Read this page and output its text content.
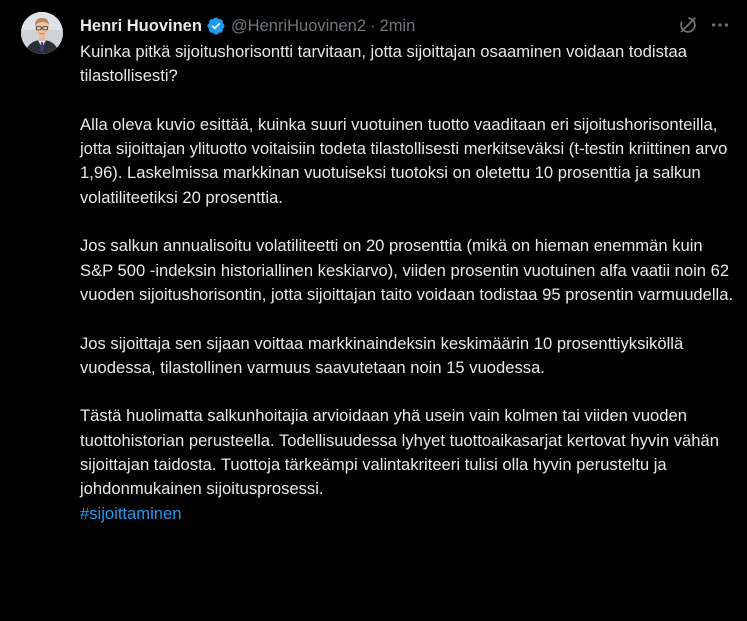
Henri Huovinen @HenriHuovinen2 · 2min
Kuinka pitkä sijoitushorisontti tarvitaan, jotta sijoittajan osaaminen voidaan todistaa tilastollisesti?
Alla oleva kuvio esittää, kuinka suuri vuotuinen tuotto vaaditaan eri sijoitushorisonteilla, jotta sijoittajan ylituotto voitaisiin todeta tilastollisesti merkitseväksi (t-testin kriittinen arvo 1,96). Laskelmissa markkinan vuotuiseksi tuotoksi on oletettu 10 prosenttia ja salkun volatiliteetiksi 20 prosenttia.
Jos salkun annualisoitu volatiliteetti on 20 prosenttia (mikä on hieman enemmän kuin S&P 500 -indeksin historiallinen keskiarvo), viiden prosentin vuotuinen alfa vaatii noin 62 vuoden sijoitushorisontin, jotta sijoittajan taito voidaan todistaa 95 prosentin varmuudella.
Jos sijoittaja sen sijaan voittaa markkinaindeksin keskimäärin 10 prosenttiyksiköllä vuodessa, tilastollinen varmuus saavutetaan noin 15 vuodessa.
Tästä huolimatta salkunhoitajia arvioidaan yhä usein vain kolmen tai viiden vuoden tuottohistorian perusteella. Todellisuudessa lyhyet tuottoaikasarjat kertovat hyvin vähän sijoittajan taidosta. Tuottoja tärkeämpi valintakriteeri tulisi olla hyvin perusteltu ja johdonmukainen sijoitusprosessi.
#sijoittaminen
